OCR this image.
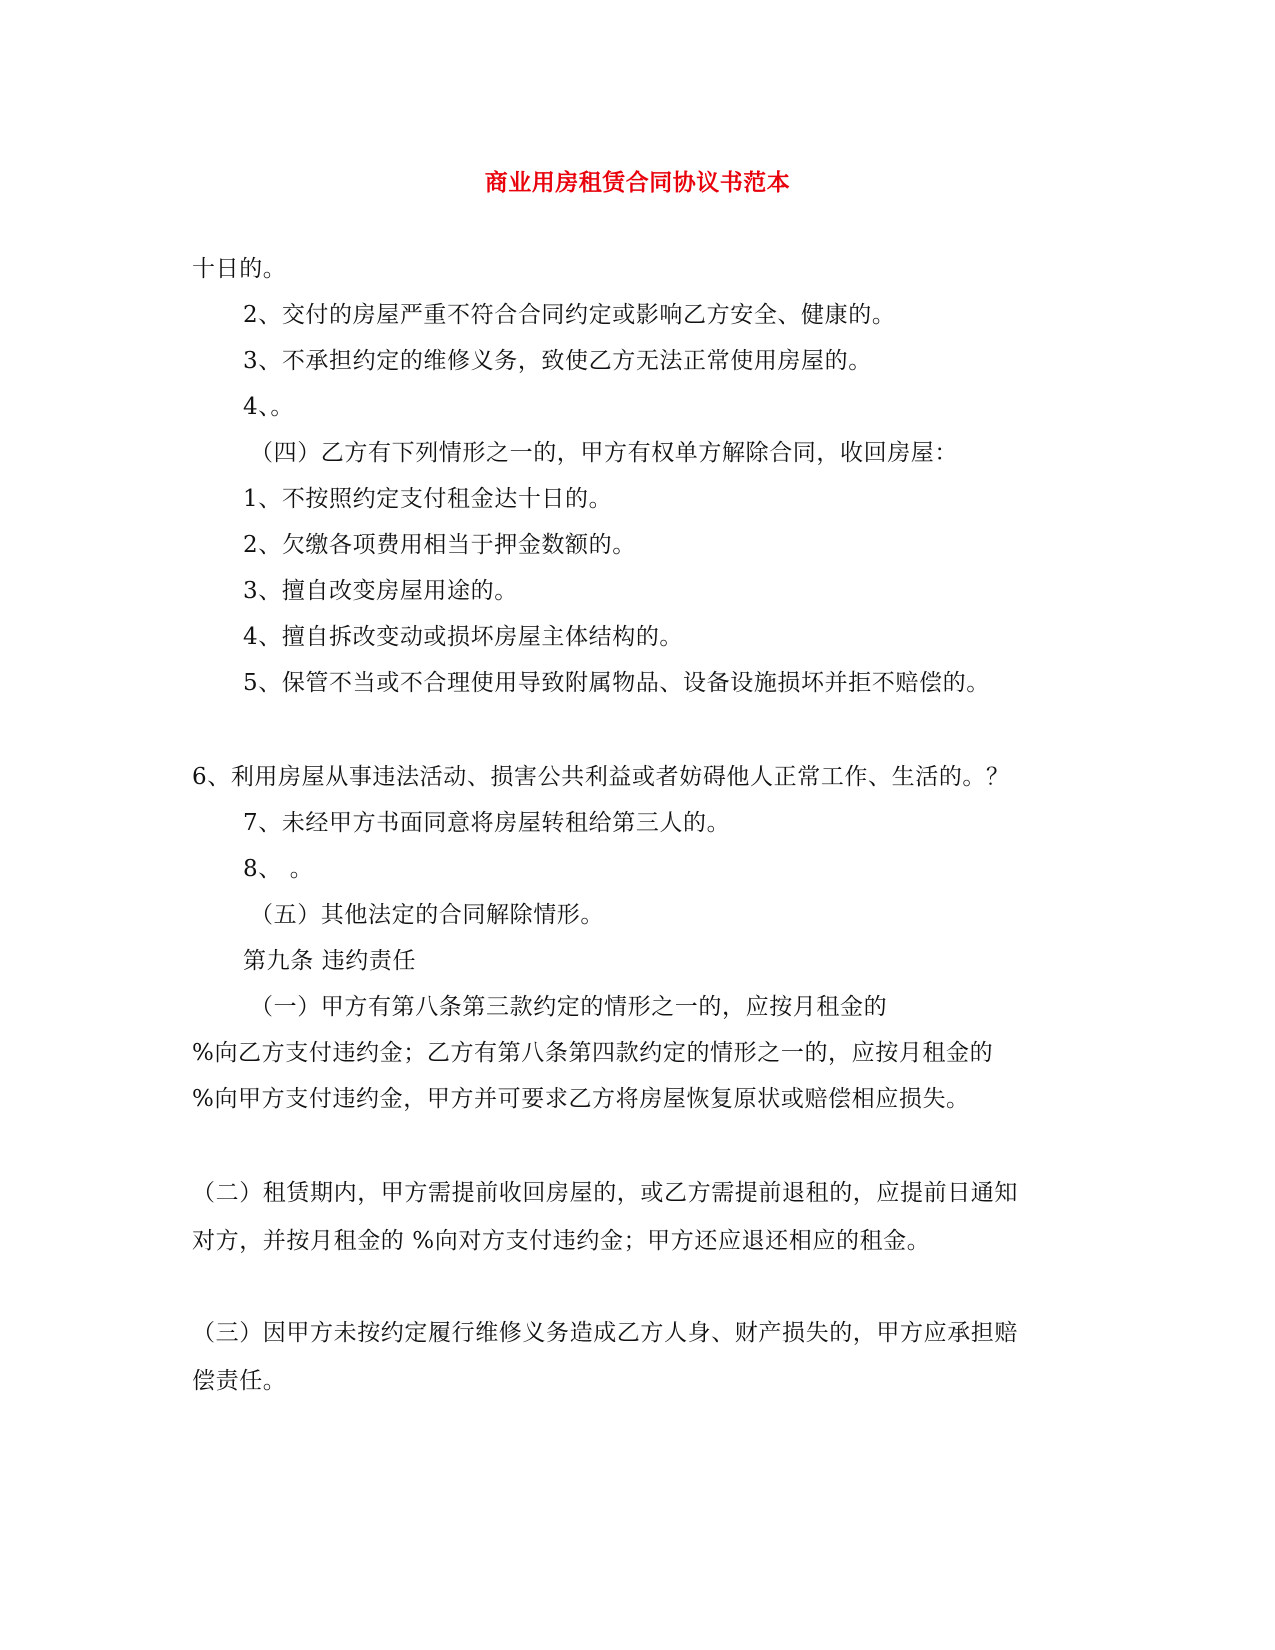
商业用房租赁合同协议书范本
十日的。
2、交付的房屋严重不符合合同约定或影响乙方安全、健康的。
3、不承担约定的维修义务，致使乙方无法正常使用房屋的。
4、。
（四）乙方有下列情形之一的，甲方有权单方解除合同，收回房屋：
1、不按照约定支付租金达十日的。
2、欠缴各项费用相当于押金数额的。
3、擅自改变房屋用途的。
4、擅自拆改变动或损坏房屋主体结构的。
5、保管不当或不合理使用导致附属物品、设备设施损坏并拒不赔偿的。
6、利用房屋从事违法活动、损害公共利益或者妨碍他人正常工作、生活的。？
7、未经甲方书面同意将房屋转租给第三人的。
8、 。
（五）其他法定的合同解除情形。
第九条 违约责任
（一）甲方有第八条第三款约定的情形之一的，应按月租金的
%向乙方支付违约金；乙方有第八条第四款约定的情形之一的，应按月租金的
%向甲方支付违约金，甲方并可要求乙方将房屋恢复原状或赔偿相应损失。
（二）租赁期内，甲方需提前收回房屋的，或乙方需提前退租的，应提前日通知
对方，并按月租金的 %向对方支付违约金；甲方还应退还相应的租金。
（三）因甲方未按约定履行维修义务造成乙方人身、财产损失的，甲方应承担赔
偿责任。
